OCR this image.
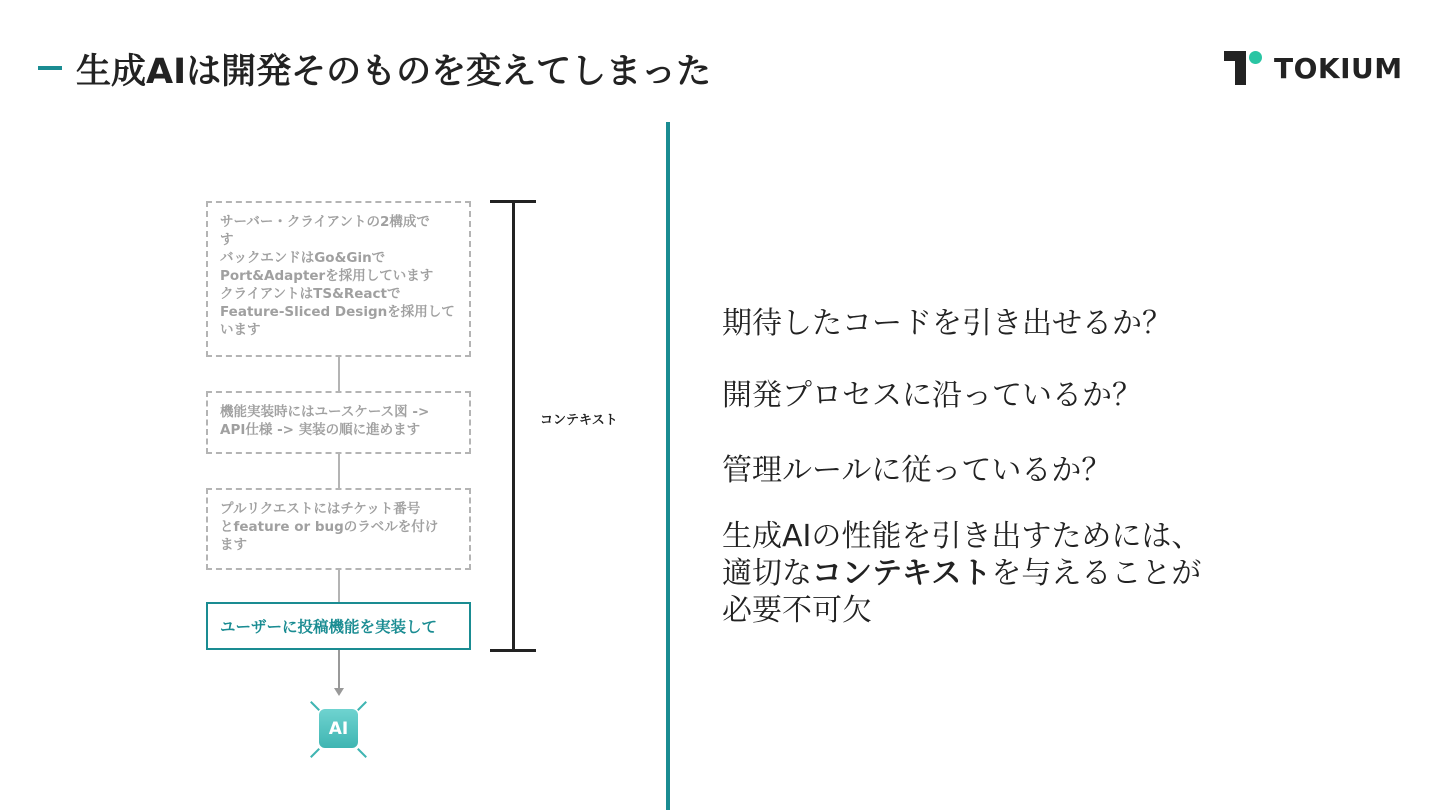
生成AIは開発そのものを変えてしまった	TOKIUM

サーバー・クライアントの2構成で

す

バックエンドはGo&Ginで

Port&Adapterを採用しています

クライアントはTS&Reactで

Feature-Sliced Designを採用して

います

機能実装時にはユースケース図 ->

API仕様 -> 実装の順に進めます

プルリクエストにはチケット番号

とfeature or bugのラベルを付け

ます

ユーザーに投稿機能を実装して
AI
コンテキスト
期待したコードを引き出せるか？
開発プロセスに沿っているか？
管理ルールに従っているか？

生成AIの性能を引き出すためには、

適切なコンテキストを与えることが

必要不可欠
